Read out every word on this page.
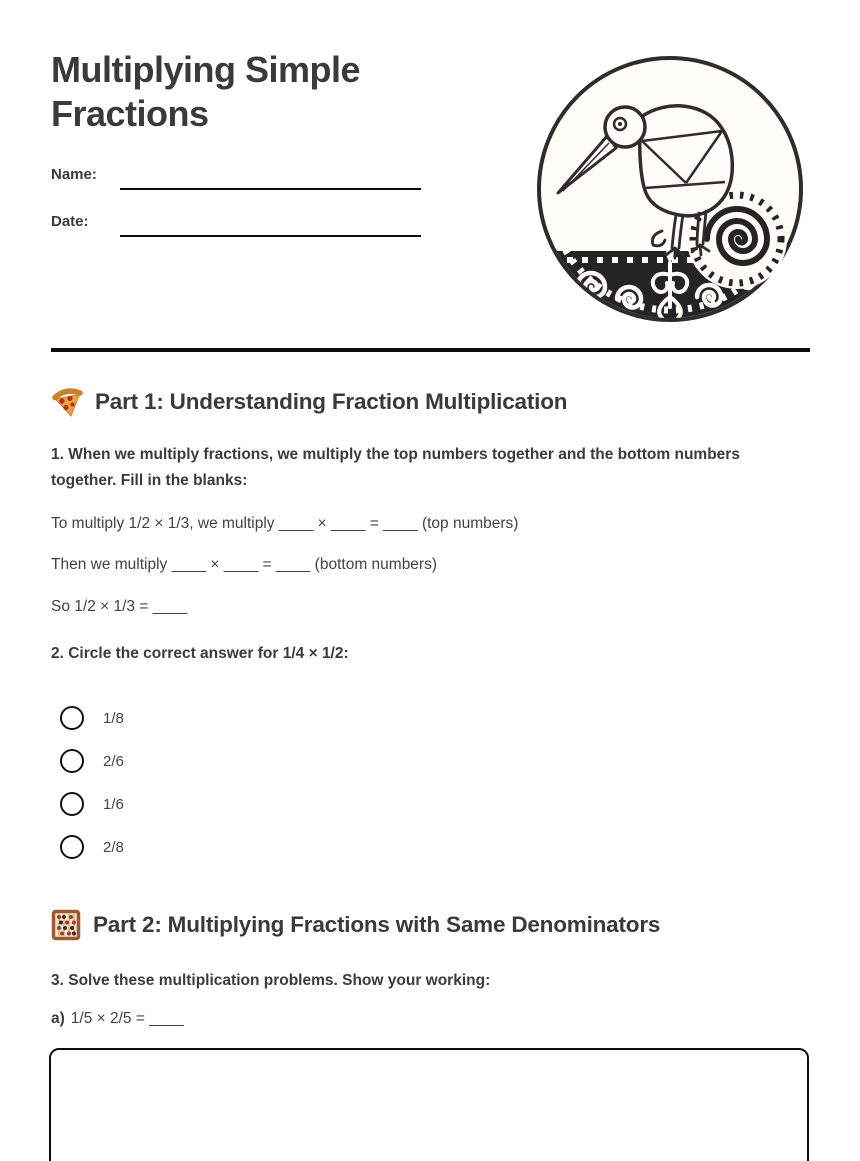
Multiplying Simple Fractions
Name:
Date:
Part 1: Understanding Fraction Multiplication
1. When we multiply fractions, we multiply the top numbers together and the bottom numbers together. Fill in the blanks:
To multiply 1/2 × 1/3, we multiply ____ × ____ = ____ (top numbers)
Then we multiply ____ × ____ = ____ (bottom numbers)
So 1/2 × 1/3 = ____
2. Circle the correct answer for 1/4 × 1/2:
1/8
2/6
1/6
2/8
Part 2: Multiplying Fractions with Same Denominators
3. Solve these multiplication problems. Show your working:
a) 1/5 × 2/5 = ____
